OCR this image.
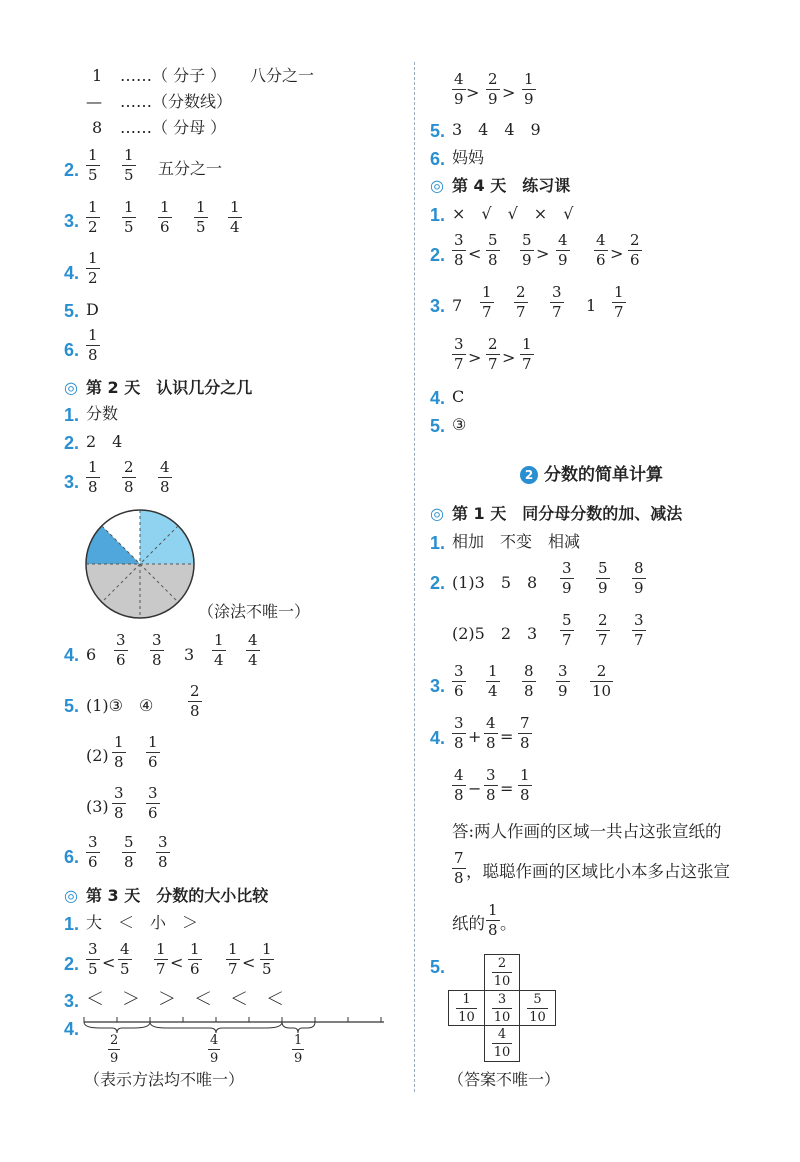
1 ……（ 分子 ） 八分之一
— ……（分数线）
8 ……（ 分母 ）
2.
1
5
1
5 五分之一
3.
1
2
1
5
1
6
1
5
1
4
4.
1
2
5. D
6.
1
8
◎ 第 2 天　认识几分之几
1. 分数
2. 2　4
3.
1
8
2
8
4
8
（涂法不唯一）
4. 6
3
6
3
8 3
1
4
4
4
5. (1)③　④
2
8
(2)
1
8
1
6
(3)
3
8
3
6
6.
3
6
5
8
3
8
◎ 第 3 天　分数的大小比较
1. 大　＜　小　＞
2.
3
5 <
4
5
1
7 <
1
6
1
7 <
1
5
3. ＜　＞　＞　＜　＜　＜
4.
2
9
4
9
1
9
（表示方法均不唯一）
4
9 >
2
9 >
1
9
5. 3　4　4　9
6. 妈妈
◎ 第 4 天　练习课
1. ×　√　√　×　√
2.
3
8 <
5
8
5
9 >
4
9
4
6 >
2
6
3. 7
1
7
2
7
3
7 1
1
7
3
7 >
2
7 >
1
7
4. C
5. ③
2 分数的简单计算
◎ 第 1 天　同分母分数的加、减法
1. 相加　不变　相减
2. (1)3　5　8
3
9
5
9
8
9
(2)5　2　3
5
7
2
7
3
7
3.
3
6
1
4
8
8
3
9
2
10
4.
3
8 +
4
8 =
7
8
4
8 −
3
8 =
1
8
答:两人作画的区域一共占这张宣纸的
7
8 ，聪聪作画的区域比小本多占这张宣
纸的
1
8 。
5.	2
10
1
10
3
10
5
10
4
10
（答案不唯一）
